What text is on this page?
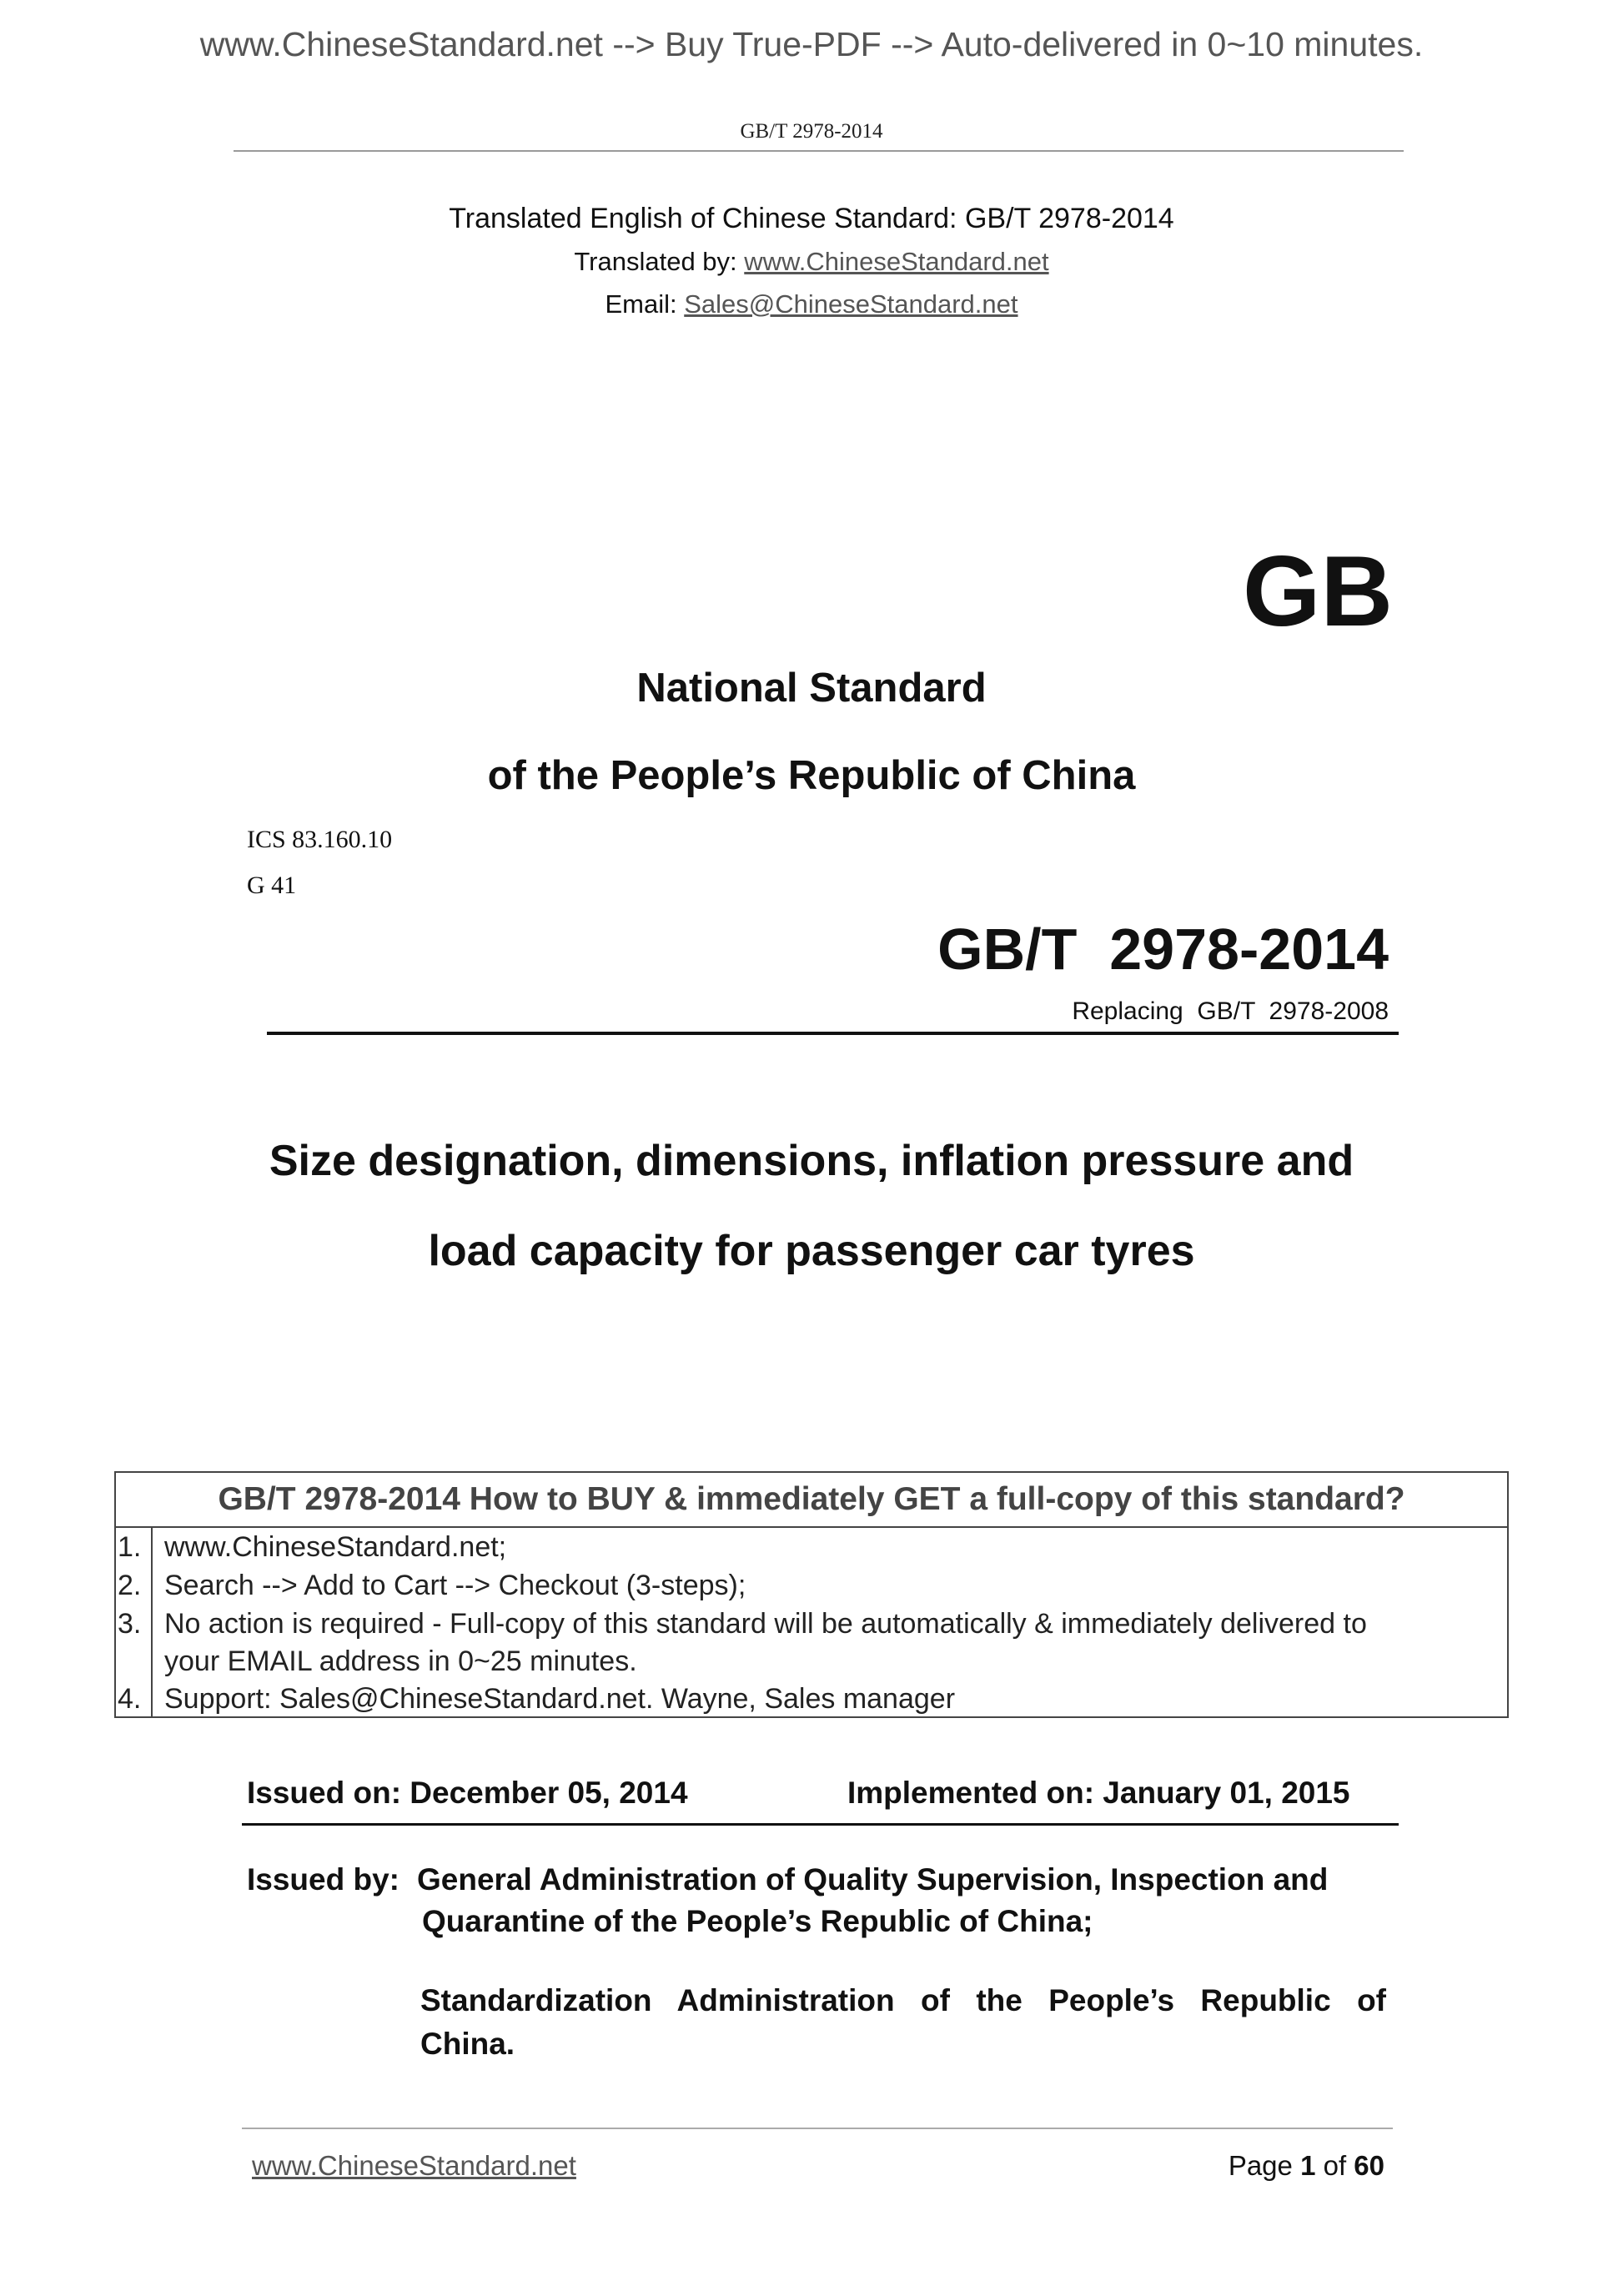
www.ChineseStandard.net --> Buy True-PDF --> Auto-delivered in 0~10 minutes.
GB/T 2978-2014
Translated English of Chinese Standard: GB/T 2978-2014
Translated by: www.ChineseStandard.net
Email: Sales@ChineseStandard.net
GB
National Standard
of the People’s Republic of China
ICS 83.160.10
G 41
GB/T  2978-2014
Replacing  GB/T  2978-2008
Size designation, dimensions, inflation pressure and
load capacity for passenger car tyres
GB/T 2978-2014 How to BUY & immediately GET a full-copy of this standard?
1. www.ChineseStandard.net;
2. Search --> Add to Cart --> Checkout (3-steps);
3. No action is required - Full-copy of this standard will be automatically & immediately delivered to
your EMAIL address in 0~25 minutes.
4. Support: Sales@ChineseStandard.net. Wayne, Sales manager
Issued on: December 05, 2014	Implemented on: January 01, 2015
Issued by: General Administration of Quality Supervision, Inspection and
Quarantine of the People’s Republic of China;
Standardization Administration of the People’s Republic of
China.
www.ChineseStandard.net	Page 1 of 60
